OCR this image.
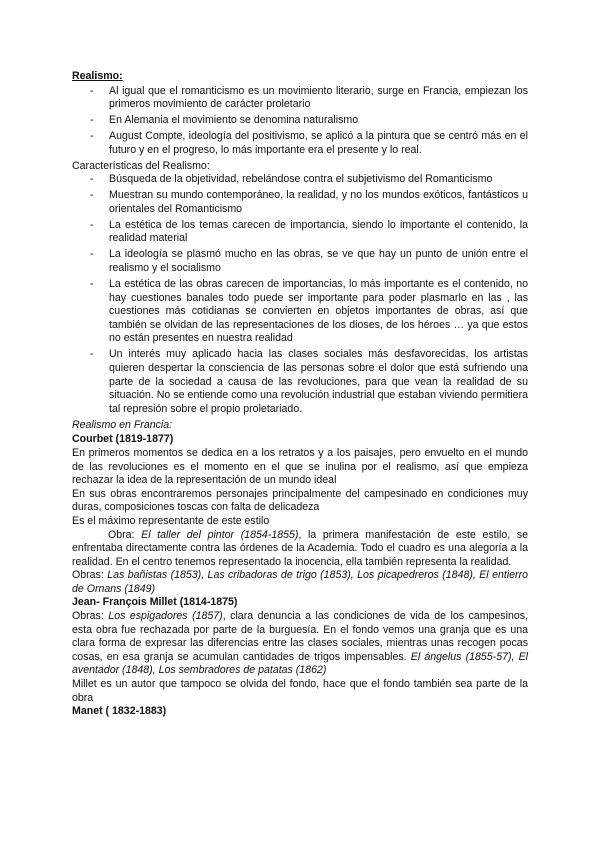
Realismo:
- Al igual que el romanticismo es un movimiento literario, surge en Francia, empiezan los primeros movimiento de carácter proletario
- En Alemania el movimiento se denomina naturalismo
- August Compte, ideología del positivismo, se aplicó a la pintura que se centró más en el futuro y en el progreso, lo más importante era el presente y lo real.

Características del Realismo:

- Búsqueda de la objetividad, rebelándose contra el subjetivismo del Romanticismo
- Muestran su mundo contemporáneo, la realidad, y no los mundos exóticos, fantásticos u orientales del Romanticismo
- La estética de los temas carecen de importancia, siendo lo importante el contenido, la realidad material
- La ideología se plasmó mucho en las obras, se ve que hay un punto de unión entre el realismo y el socialismo
- La estética de las obras carecen de importancias, lo más importante es el contenido, no hay cuestiones banales todo puede ser importante para poder plasmarlo en las , las cuestiones más cotidianas se convierten en objetos importantes de obras, así que también se olvidan de las representaciones de los dioses, de los héroes … ya que estos no están presentes en nuestra realidad
- Un interés muy aplicado hacia las clases sociales más desfavorecidas, los artistas quieren despertar la consciencia de las personas sobre el dolor que está sufriendo una parte de la sociedad a causa de las revoluciones, para que vean la realidad de su situación. No se entiende como una revolución industrial que estaban viviendo permitiera tal represión sobre el propio proletariado.

Realismo en Francia:

Courbet (1819-1877)

En primeros momentos se dedica en a los retratos y a los paisajes, pero envuelto en el mundo de las revoluciones es el momento en el que se inulina por el realismo, así que empieza rechazar la idea de la representación de un mundo ideal

En sus obras encontraremos personajes principalmente del campesinado en condiciones muy duras, composiciones toscas con falta de delicadeza

Es el máximo representante de este estilo

Obra: El taller del pintor (1854-1855), la primera manifestación de este estilo, se enfrentaba directamente contra las órdenes de la Academia. Todo el cuadro es una alegoría a la realidad. En el centro tenemos representado la inocencia, ella también representa la realidad.

Obras: Las bañistas (1853), Las cribadoras de trigo (1853), Los picapedreros (1848), El entierro de Ornans (1849)

Jean- François Millet (1814-1875)

Obras: Los espigadores (1857), clara denuncia a las condiciones de vida de los campesinos, esta obra fue rechazada por parte de la burguesía. En el fondo vemos una granja que es una clara forma de expresar las diferencias entre las clases sociales, mientras unas recogen pocas cosas, en esa granja se acumulan cantidades de trigos impensables. El ángelus (1855-57), El aventador (1848), Los sembradores de patatas (1862)

Millet es un autor que tampoco se olvida del fondo, hace que el fondo también sea parte de la obra

Manet ( 1832-1883)
